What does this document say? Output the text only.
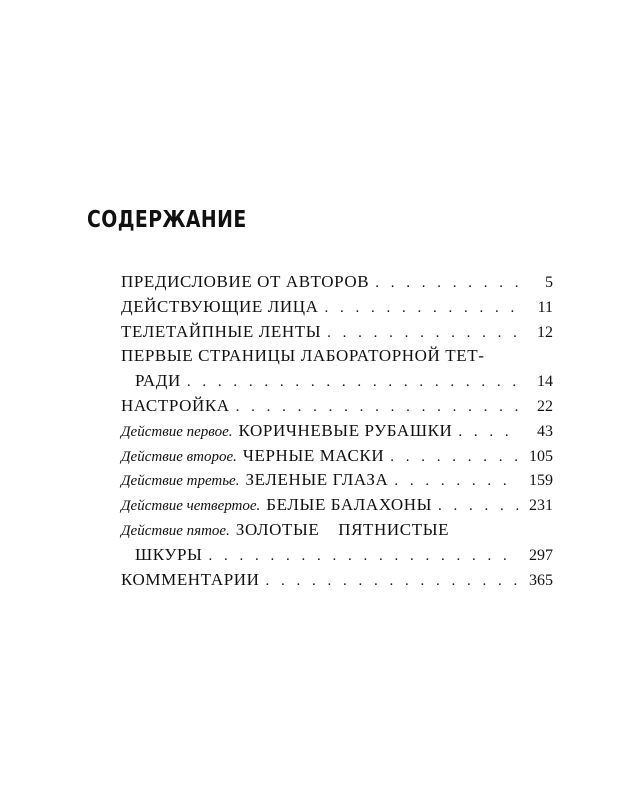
СОДЕРЖАНИЕ
ПРЕДИСЛОВИЕ ОТ АВТОРОВ . . .	5
ДЕЙСТВУЮЩИЕ ЛИЦА . . .	11
ТЕЛЕТАЙПНЫЕ ЛЕНТЫ . . .	12
ПЕРВЫЕ СТРАНИЦЫ ЛАБОРАТОРНОЙ ТЕТ-
РАДИ . . .	14
НАСТРОЙКА . . .	22
Действие первое. КОРИЧНЕВЫЕ РУБАШКИ . . .	43
Действие второе. ЧЕРНЫЕ МАСКИ . . .	105
Действие третье. ЗЕЛЕНЫЕ ГЛАЗА . . .	159
Действие четвертое. БЕЛЫЕ БАЛАХОНЫ . . .	231
Действие пятое. ЗОЛОТЫЕ ПЯТНИСТЫЕ
ШКУРЫ . . .	297
КОММЕНТАРИИ . . .	365
